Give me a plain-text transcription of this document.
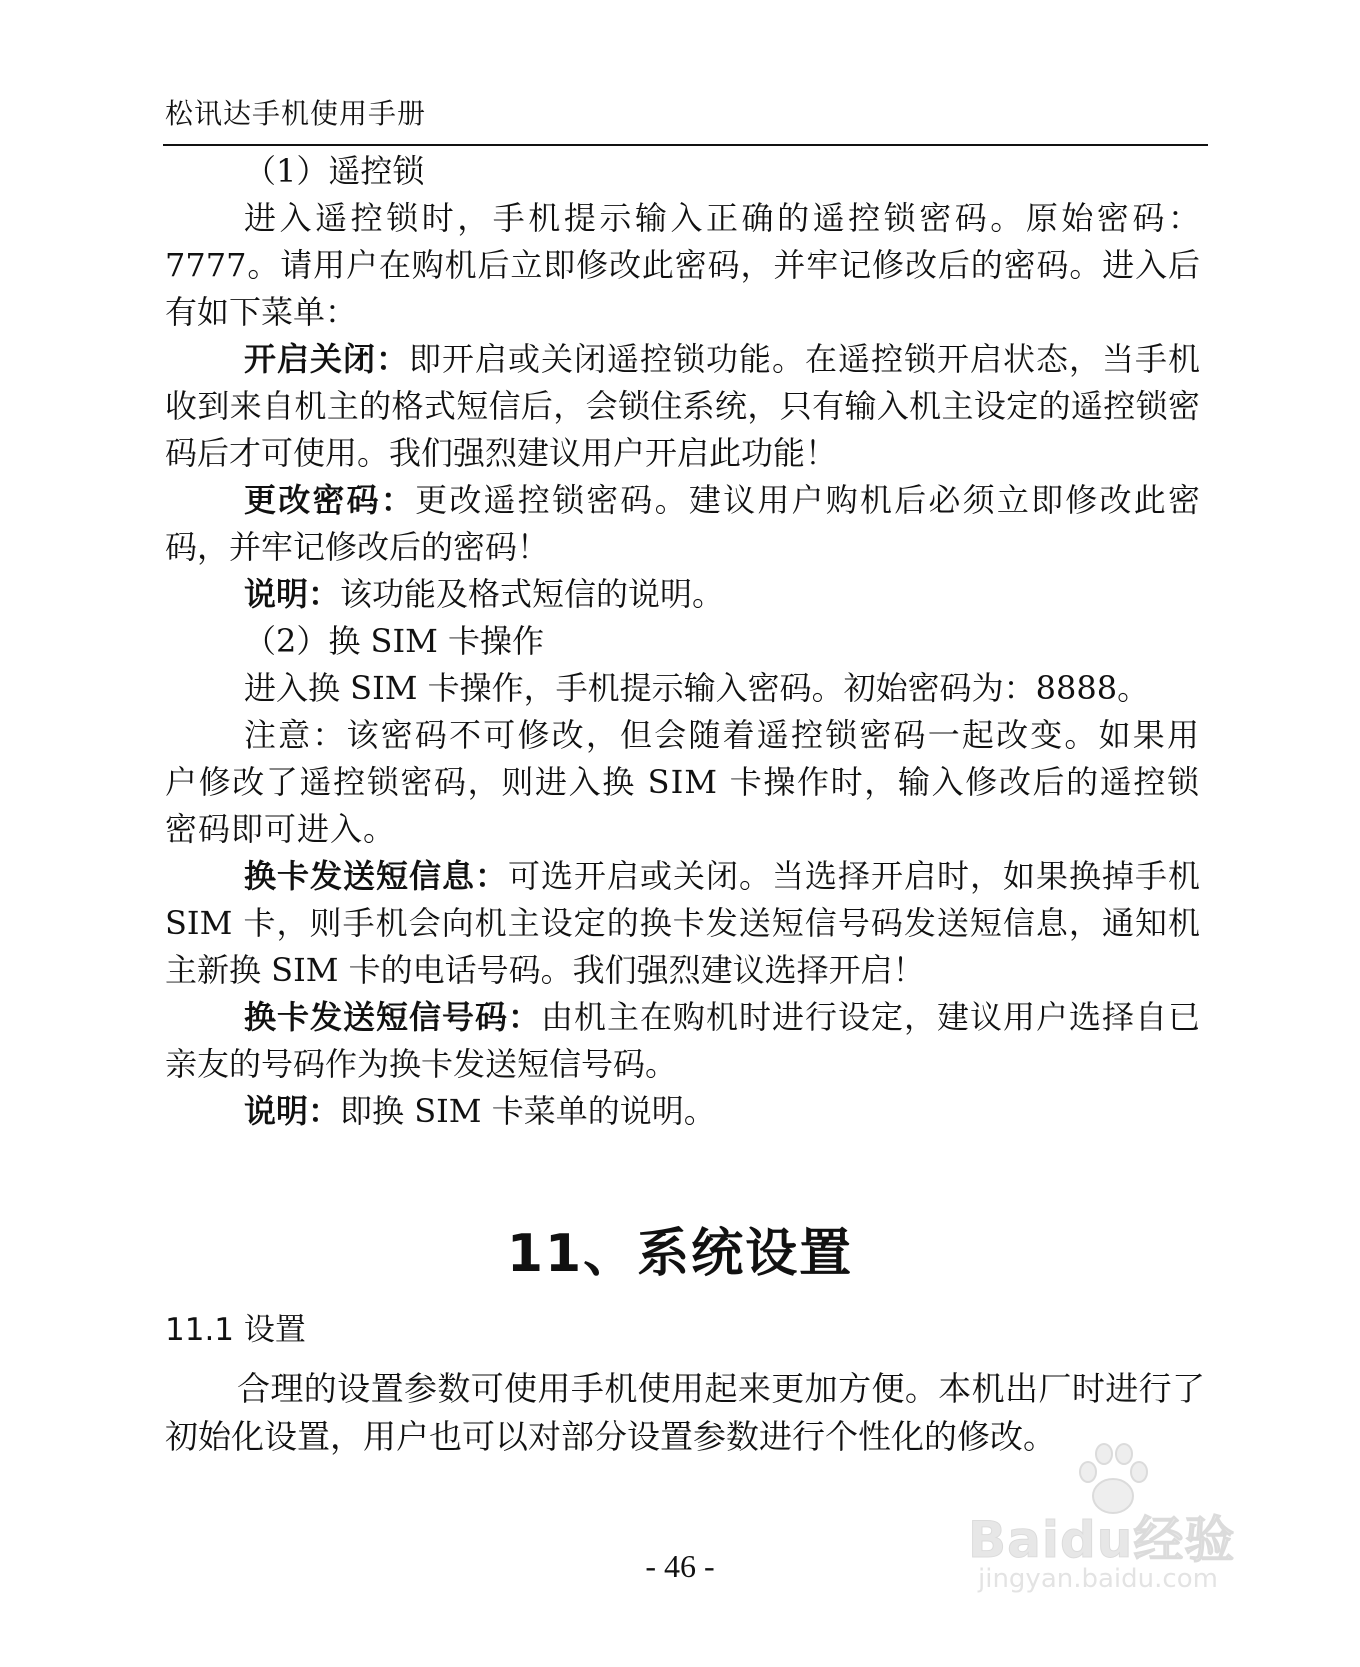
松讯达手机使用手册

（1）遥控锁

进入遥控锁时，手机提示输入正确的遥控锁密码。原始密码：7777。请用户在购机后立即修改此密码，并牢记修改后的密码。进入后有如下菜单：

开启关闭：即开启或关闭遥控锁功能。在遥控锁开启状态，当手机收到来自机主的格式短信后，会锁住系统，只有输入机主设定的遥控锁密码后才可使用。我们强烈建议用户开启此功能！

更改密码：更改遥控锁密码。建议用户购机后必须立即修改此密码，并牢记修改后的密码！

说明：该功能及格式短信的说明。

（2）换 SIM 卡操作

进入换 SIM 卡操作，手机提示输入密码。初始密码为：8888。

注意：该密码不可修改，但会随着遥控锁密码一起改变。如果用户修改了遥控锁密码，则进入换 SIM 卡操作时，输入修改后的遥控锁密码即可进入。

换卡发送短信息：可选开启或关闭。当选择开启时，如果换掉手机 SIM 卡，则手机会向机主设定的换卡发送短信号码发送短信息，通知机主新换 SIM 卡的电话号码。我们强烈建议选择开启！

换卡发送短信号码：由机主在购机时进行设定，建议用户选择自已亲友的号码作为换卡发送短信号码。

说明：即换 SIM 卡菜单的说明。

11、系统设置
11.1 设置

合理的设置参数可使用手机使用起来更加方便。本机出厂时进行了初始化设置，用户也可以对部分设置参数进行个性化的修改。

- 46 -	Baidu经验
jingyan.baidu.com
